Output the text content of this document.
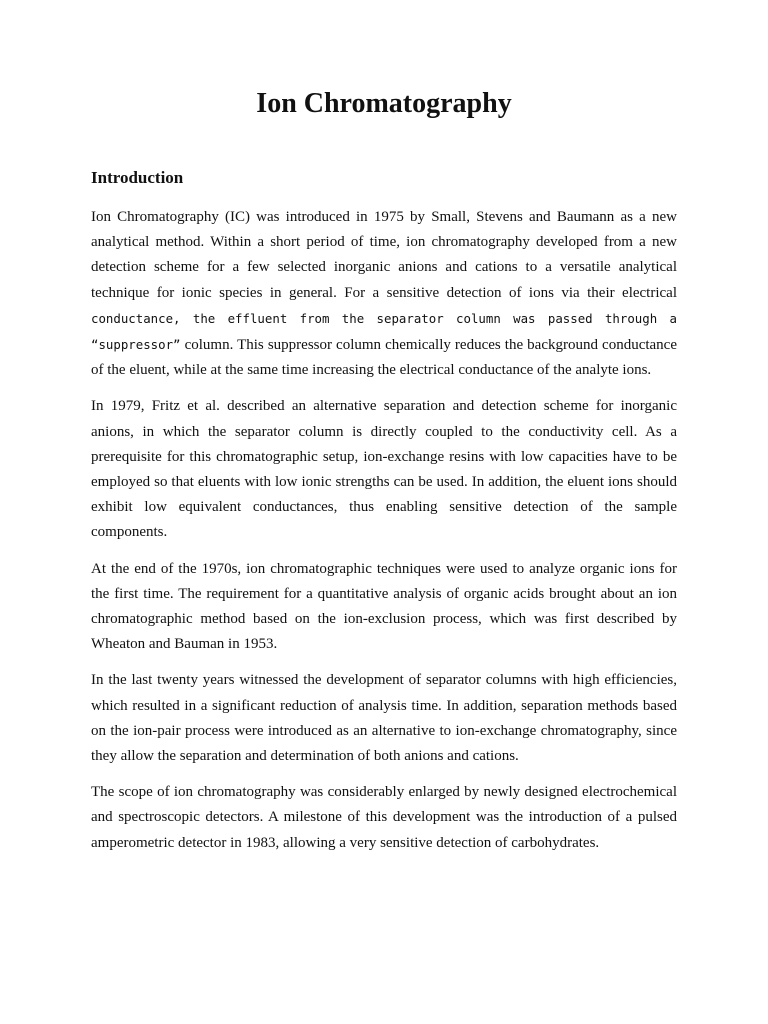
Ion Chromatography
Introduction

Ion Chromatography (IC) was introduced in 1975 by Small, Stevens and Baumann as a new analytical method. Within a short period of time, ion chromatography developed from a new detection scheme for a few selected inorganic anions and cations to a versatile analytical technique for ionic species in general. For a sensitive detection of ions via their electrical conductance, the effluent from the separator column was passed through a “suppressor” column. This suppressor column chemically reduces the background conductance of the eluent, while at the same time increasing the electrical conductance of the analyte ions.

In 1979, Fritz et al. described an alternative separation and detection scheme for inorganic anions, in which the separator column is directly coupled to the conductivity cell. As a prerequisite for this chromatographic setup, ion-exchange resins with low capacities have to be employed so that eluents with low ionic strengths can be used. In addition, the eluent ions should exhibit low equivalent conductances, thus enabling sensitive detection of the sample components.

At the end of the 1970s, ion chromatographic techniques were used to analyze organic ions for the first time. The requirement for a quantitative analysis of organic acids brought about an ion chromatographic method based on the ion-exclusion process, which was first described by Wheaton and Bauman in 1953.

In the last twenty years witnessed the development of separator columns with high efficiencies, which resulted in a significant reduction of analysis time. In addition, separation methods based on the ion-pair process were introduced as an alternative to ion-exchange chromatography, since they allow the separation and determination of both anions and cations.

The scope of ion chromatography was considerably enlarged by newly designed electrochemical and spectroscopic detectors. A milestone of this development was the introduction of a pulsed amperometric detector in 1983, allowing a very sensitive detection of carbohydrates.
